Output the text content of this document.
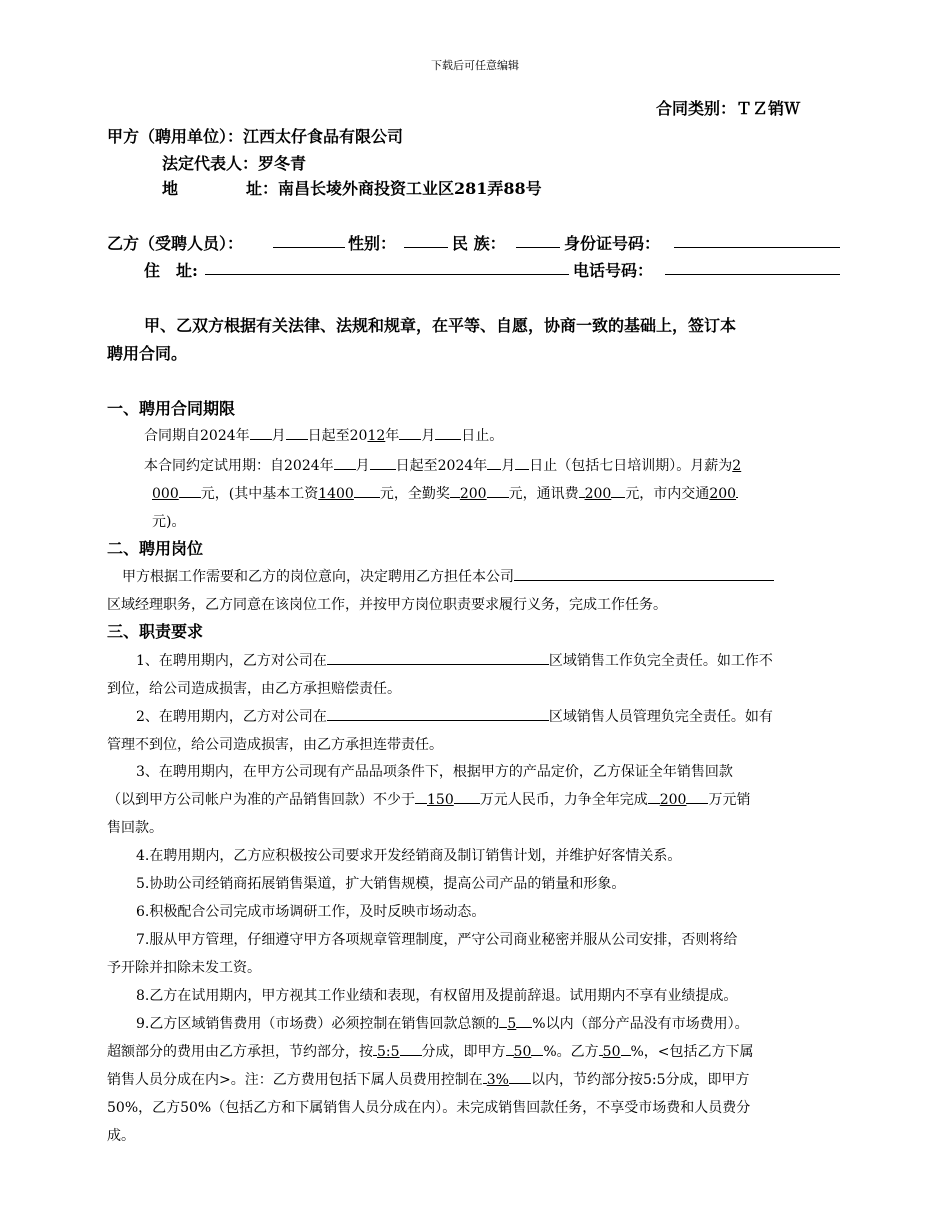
下载后可任意编辑
合同类别：ＴＺ销Ｗ
甲方（聘用单位）：江西太仔食品有限公司
法定代表人：罗冬青
地	址：南昌长堎外商投资工业区281弄88号
乙方（受聘人员）：	性别：	民 族：	身份证号码：
住　址:	电话号码：
甲、乙双方根据有关法律、法规和规章，在平等、自愿，协商一致的基础上，签订本
聘用合同。
一、聘用合同期限
合同期自2024年 月 日起至2012年 月 日止。
本合同约定试用期：自2024年 月 日起至2024年 月 日止（包括七日培训期）。月薪为2
000 元，(其中基本工资1400 元，全勤奖 200 元，通讯费 200 元，市内交通200
元)。
二、聘用岗位
甲方根据工作需要和乙方的岗位意向，决定聘用乙方担任本公司
区域经理职务，乙方同意在该岗位工作，并按甲方岗位职责要求履行义务，完成工作任务。
三、职责要求
1、在聘用期内，乙方对公司在	区域销售工作负完全责任。如工作不
到位，给公司造成损害，由乙方承担赔偿责任。
2、在聘用期内，乙方对公司在	区域销售人员管理负完全责任。如有
管理不到位，给公司造成损害，由乙方承担连带责任。
3、在聘用期内，在甲方公司现有产品品项条件下，根据甲方的产品定价，乙方保证全年销售回款
（以到甲方公司帐户为准的产品销售回款）不少于 150 万元人民币，力争全年完成 200 万元销
售回款。
4.在聘用期内，乙方应积极按公司要求开发经销商及制订销售计划，并维护好客情关系。
5.协助公司经销商拓展销售渠道，扩大销售规模，提高公司产品的销量和形象。
6.积极配合公司完成市场调研工作，及时反映市场动态。
7.服从甲方管理，仔细遵守甲方各项规章管理制度，严守公司商业秘密并服从公司安排，否则将给
予开除并扣除未发工资。
8.乙方在试用期内，甲方视其工作业绩和表现，有权留用及提前辞退。试用期内不享有业绩提成。
9.乙方区域销售费用（市场费）必须控制在销售回款总额的 5 %以内（部分产品没有市场费用）。
超额部分的费用由乙方承担，节约部分，按 5:5 分成，即甲方 50 %。乙方 50 %，<包括乙方下属
销售人员分成在内>。注：乙方费用包括下属人员费用控制在 3% 以内，节约部分按5:5分成，即甲方
50%，乙方50%（包括乙方和下属销售人员分成在内）。未完成销售回款任务，不享受市场费和人员费分
成。
